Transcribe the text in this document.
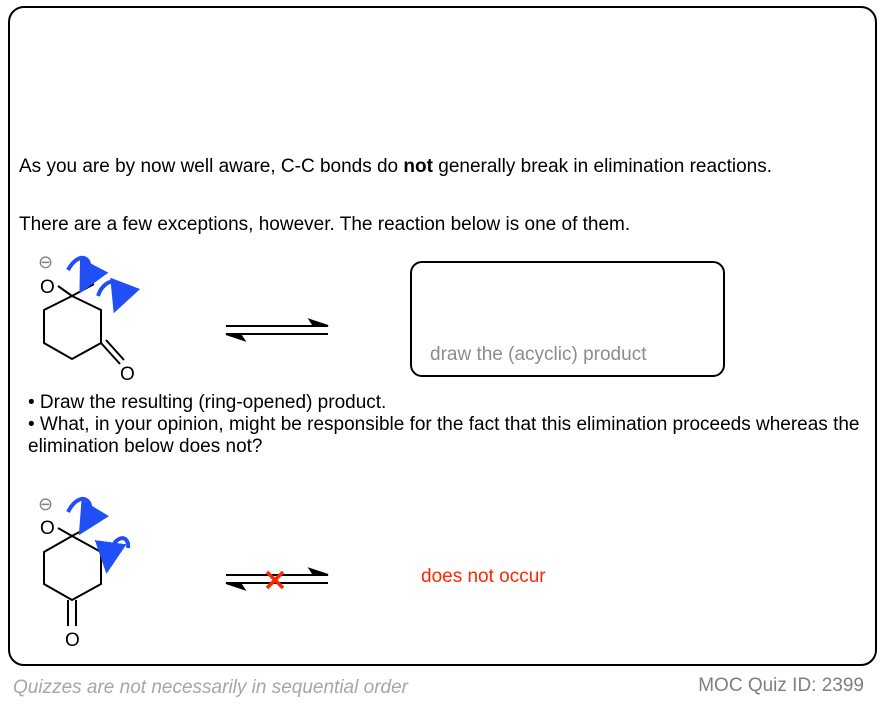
As you are by now well aware, C-C bonds do not generally break in elimination reactions.

There are a few exceptions, however. The reaction below is one of them.

O
⊖
O
draw the (acyclic) product
• Draw the resulting (ring-opened) product.
• What, in your opinion, might be responsible for the fact that this elimination proceeds whereas the elimination below does not?
O
⊖
O
does not occur
Quizzes are not necessarily in sequential order	MOC Quiz ID: 2399
